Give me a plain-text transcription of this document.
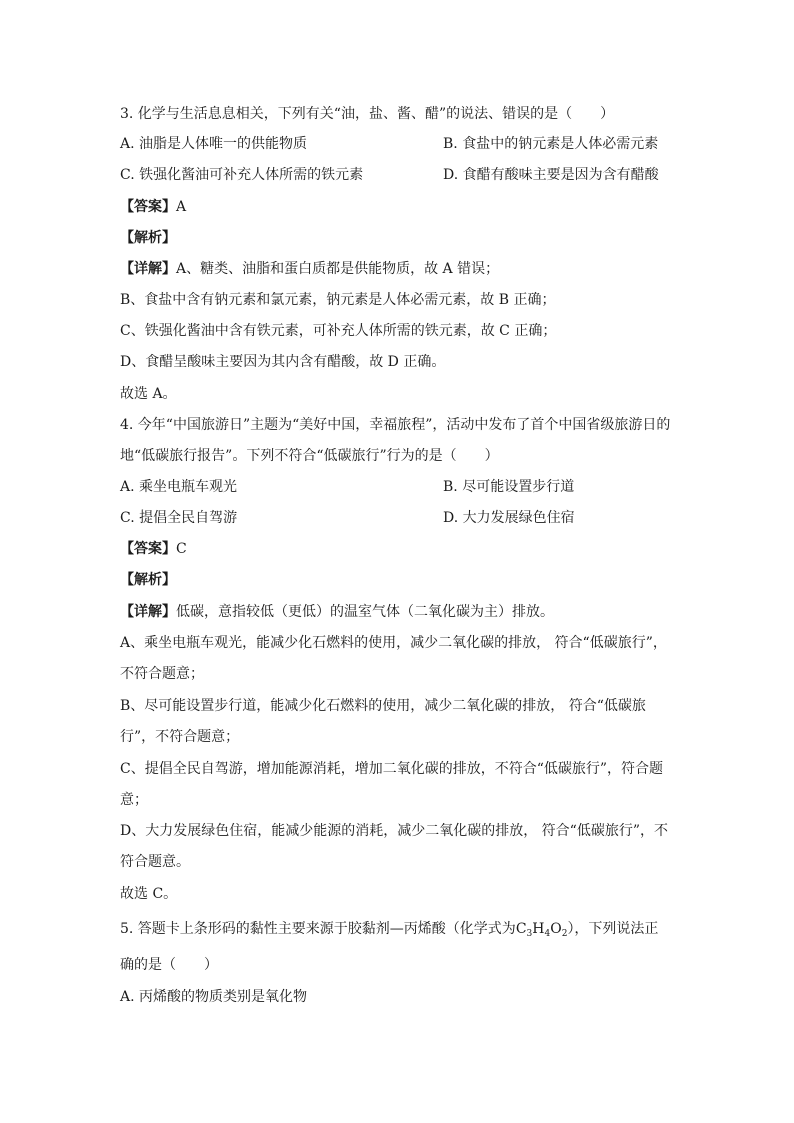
3. 化学与生活息息相关，下列有关“油，盐、酱、醋”的说法、错误的是（　　）
A. 油脂是人体唯一的供能物质	B. 食盐中的钠元素是人体必需元素
C. 铁强化酱油可补充人体所需的铁元素	D. 食醋有酸味主要是因为含有醋酸
【答案】A
【解析】
【详解】A、糖类、油脂和蛋白质都是供能物质，故 A 错误；
B、食盐中含有钠元素和氯元素，钠元素是人体必需元素，故 B 正确；
C、铁强化酱油中含有铁元素，可补充人体所需的铁元素，故 C 正确；
D、食醋呈酸味主要因为其内含有醋酸，故 D 正确。
故选 A。
4. 今年“中国旅游日”主题为“美好中国，幸福旅程”，活动中发布了首个中国省级旅游日的
地“低碳旅行报告”。下列不符合“低碳旅行”行为的是（　　）
A. 乘坐电瓶车观光	B. 尽可能设置步行道
C. 提倡全民自驾游	D. 大力发展绿色住宿
【答案】C
【解析】
【详解】低碳，意指较低（更低）的温室气体（二氧化碳为主）排放。
A、乘坐电瓶车观光，能减少化石燃料的使用，减少二氧化碳的排放， 符合“低碳旅行”，
不符合题意；
B、尽可能设置步行道，能减少化石燃料的使用，减少二氧化碳的排放， 符合“低碳旅
行”，不符合题意；
C、提倡全民自驾游，增加能源消耗，增加二氧化碳的排放，不符合“低碳旅行”，符合题
意；
D、大力发展绿色住宿，能减少能源的消耗，减少二氧化碳的排放， 符合“低碳旅行”，不
符合题意。
故选 C。
5. 答题卡上条形码的黏性主要来源于胶黏剂—丙烯酸（化学式为$C_3H_4O_2$），下列说法正
确的是（　　）
A. 丙烯酸的物质类别是氧化物
